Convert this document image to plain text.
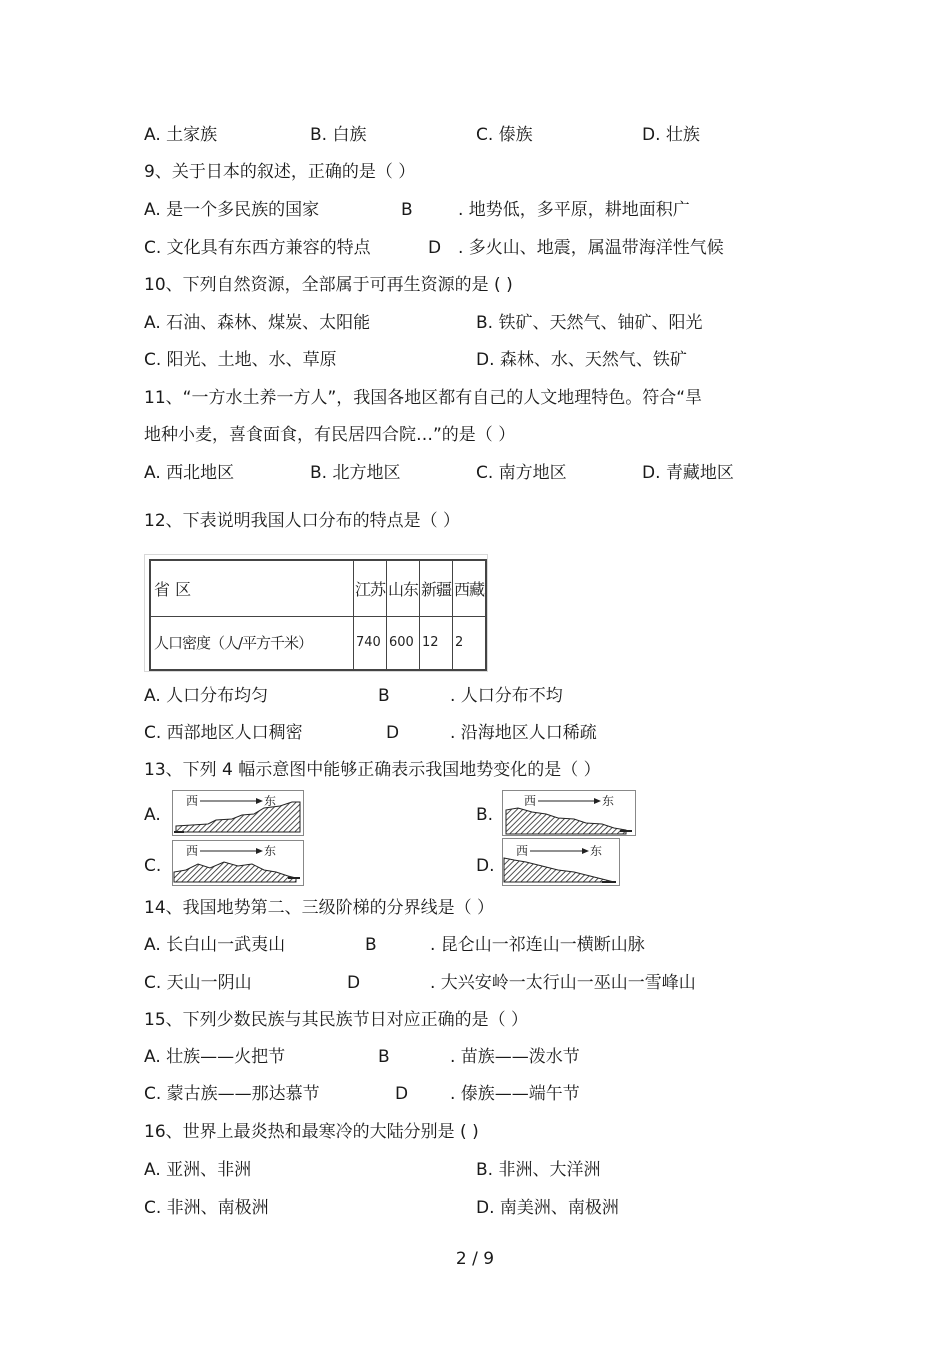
A. 土家族	B. 白族	C. 傣族	D. 壮族
9、关于日本的叙述，正确的是（ ）
A. 是一个多民族的国家	B	. 地势低，多平原，耕地面积广
C. 文化具有东西方兼容的特点	D . 多火山、地震，属温带海洋性气候
10、下列自然资源，全部属于可再生资源的是 ( )
A. 石油、森林、煤炭、太阳能	B. 铁矿、天然气、铀矿、阳光
C. 阳光、土地、水、草原	D. 森林、水、天然气、铁矿
11、“一方水土养一方人”，我国各地区都有自己的人文地理特色。符合“旱
地种小麦，喜食面食，有民居四合院…”的是（ ）
A. 西北地区	B. 北方地区	C. 南方地区	D. 青藏地区
12、下表说明我国人口分布的特点是（ ）
省 区	江苏	山东	新疆	西藏
人口密度（人/平方千米）	740	600	12	2
A. 人口分布均匀	B	. 人口分布不均
C. 西部地区人口稠密	D	. 沿海地区人口稀疏
13、下列 4 幅示意图中能够正确表示我国地势变化的是（ ）
A.
西	东
B.
西	东
C.
西	东
D.
西	东
14、我国地势第二、三级阶梯的分界线是（ ）
A. 长白山一武夷山	B	. 昆仑山一祁连山一横断山脉
C. 天山一阴山	D	. 大兴安岭一太行山一巫山一雪峰山
15、下列少数民族与其民族节日对应正确的是（ ）
A. 壮族——火把节	B	. 苗族——泼水节
C. 蒙古族——那达慕节	D . 傣族——端午节
16、世界上最炎热和最寒冷的大陆分别是 ( )
A. 亚洲、非洲	B. 非洲、大洋洲
C. 非洲、南极洲	D. 南美洲、南极洲
2 / 9
